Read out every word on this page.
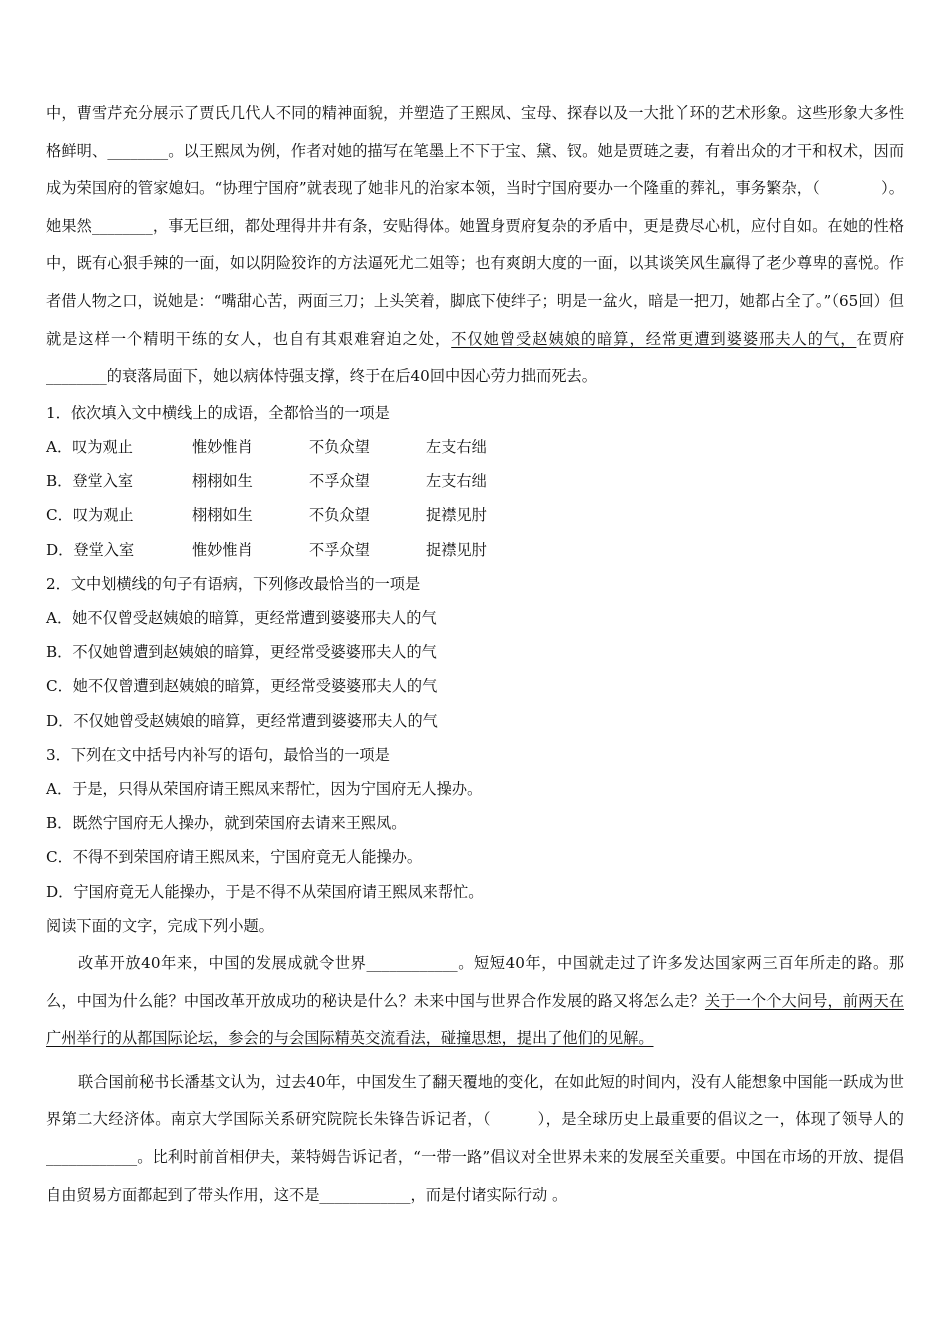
中，曹雪芹充分展示了贾氏几代人不同的精神面貌，并塑造了王熙凤、宝母、探春以及一大批丫环的艺术形象。这些形象大多性格鲜明、________。以王熙凤为例，作者对她的描写在笔墨上不下于宝、黛、钗。她是贾琏之妻，有着出众的才干和权术，因而成为荣国府的管家媳妇。“协理宁国府”就表现了她非凡的治家本领，当时宁国府要办一个隆重的葬礼，事务繁杂，（　　　　）。她果然________，事无巨细，都处理得井井有条，安贴得体。她置身贾府复杂的矛盾中，更是费尽心机，应付自如。在她的性格中，既有心狠手辣的一面，如以阴险狡诈的方法逼死尤二姐等；也有爽朗大度的一面，以其谈笑风生赢得了老少尊卑的喜悦。作者借人物之口，说她是：“嘴甜心苦，两面三刀；上头笑着，脚底下使绊子；明是一盆火，暗是一把刀，她都占全了。”（65回）但就是这样一个精明干练的女人，也自有其艰难窘迫之处，不仅她曾受赵姨娘的暗算，经常更遭到婆婆邢夫人的气，在贾府________的衰落局面下，她以病体恃强支撑，终于在后40回中因心劳力拙而死去。

1．依次填入文中横线上的成语，全都恰当的一项是

A．叹为观止	惟妙惟肖	不负众望	左支右绌
B．登堂入室	栩栩如生	不孚众望	左支右绌
C．叹为观止	栩栩如生	不负众望	捉襟见肘
D．登堂入室	惟妙惟肖	不孚众望	捉襟见肘

2．文中划横线的句子有语病，下列修改最恰当的一项是

A．她不仅曾受赵姨娘的暗算，更经常遭到婆婆邢夫人的气

B．不仅她曾遭到赵姨娘的暗算，更经常受婆婆邢夫人的气

C．她不仅曾遭到赵姨娘的暗算，更经常受婆婆邢夫人的气

D．不仅她曾受赵姨娘的暗算，更经常遭到婆婆邢夫人的气

3．下列在文中括号内补写的语句，最恰当的一项是

A．于是，只得从荣国府请王熙凤来帮忙，因为宁国府无人操办。

B．既然宁国府无人操办，就到荣国府去请来王熙凤。

C．不得不到荣国府请王熙凤来，宁国府竟无人能操办。

D．宁国府竟无人能操办，于是不得不从荣国府请王熙凤来帮忙。

阅读下面的文字，完成下列小题。

改革开放40年来，中国的发展成就令世界____________。短短40年，中国就走过了许多发达国家两三百年所走的路。那么，中国为什么能？中国改革开放成功的秘诀是什么？未来中国与世界合作发展的路又将怎么走？关于一个个大问号，前两天在广州举行的从都国际论坛，参会的与会国际精英交流看法，碰撞思想，提出了他们的见解。

联合国前秘书长潘基文认为，过去40年，中国发生了翻天覆地的变化，在如此短的时间内，没有人能想象中国能一跃成为世界第二大经济体。南京大学国际关系研究院院长朱锋告诉记者，（　　　），是全球历史上最重要的倡议之一，体现了领导人的____________。比利时前首相伊夫，莱特姆告诉记者，“一带一路”倡议对全世界未来的发展至关重要。中国在市场的开放、提倡自由贸易方面都起到了带头作用，这不是____________，而是付诸实际行动 。
